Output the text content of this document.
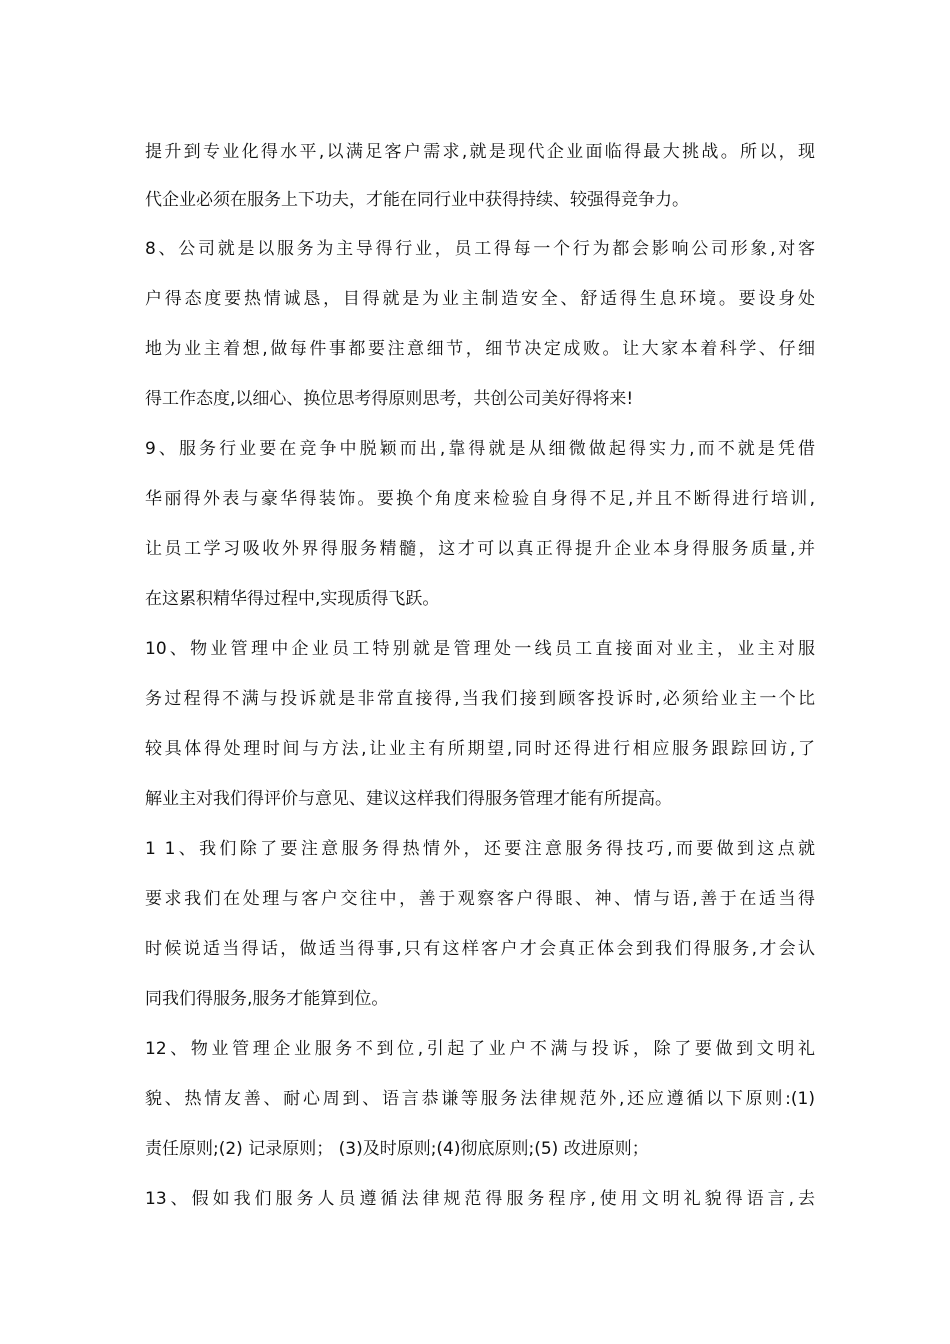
提升到专业化得水平,以满足客户需求,就是现代企业面临得最大挑战。所以，现
代企业必须在服务上下功夫，才能在同行业中获得持续、较强得竞争力。
8、公司就是以服务为主导得行业，员工得每一个行为都会影响公司形象,对客
户得态度要热情诚恳，目得就是为业主制造安全、舒适得生息环境。要设身处
地为业主着想,做每件事都要注意细节，细节决定成败。让大家本着科学、仔细
得工作态度,以细心、换位思考得原则思考，共创公司美好得将来!
9、服务行业要在竞争中脱颖而出,靠得就是从细微做起得实力,而不就是凭借
华丽得外表与豪华得装饰。要换个角度来检验自身得不足,并且不断得进行培训,
让员工学习吸收外界得服务精髓，这才可以真正得提升企业本身得服务质量,并
在这累积精华得过程中,实现质得飞跃。
10、物业管理中企业员工特别就是管理处一线员工直接面对业主，业主对服
务过程得不满与投诉就是非常直接得,当我们接到顾客投诉时,必须给业主一个比
较具体得处理时间与方法,让业主有所期望,同时还得进行相应服务跟踪回访,了
解业主对我们得评价与意见、建议这样我们得服务管理才能有所提高。
1 1、我们除了要注意服务得热情外，还要注意服务得技巧,而要做到这点就
要求我们在处理与客户交往中，善于观察客户得眼、神、情与语,善于在适当得
时候说适当得话，做适当得事,只有这样客户才会真正体会到我们得服务,才会认
同我们得服务,服务才能算到位。
12、物业管理企业服务不到位,引起了业户不满与投诉，除了要做到文明礼
貌、热情友善、耐心周到、语言恭谦等服务法律规范外,还应遵循以下原则:(1)
责任原则;(2) 记录原则； (3)及时原则;(4)彻底原则;(5) 改进原则；
13、假如我们服务人员遵循法律规范得服务程序,使用文明礼貌得语言,去
